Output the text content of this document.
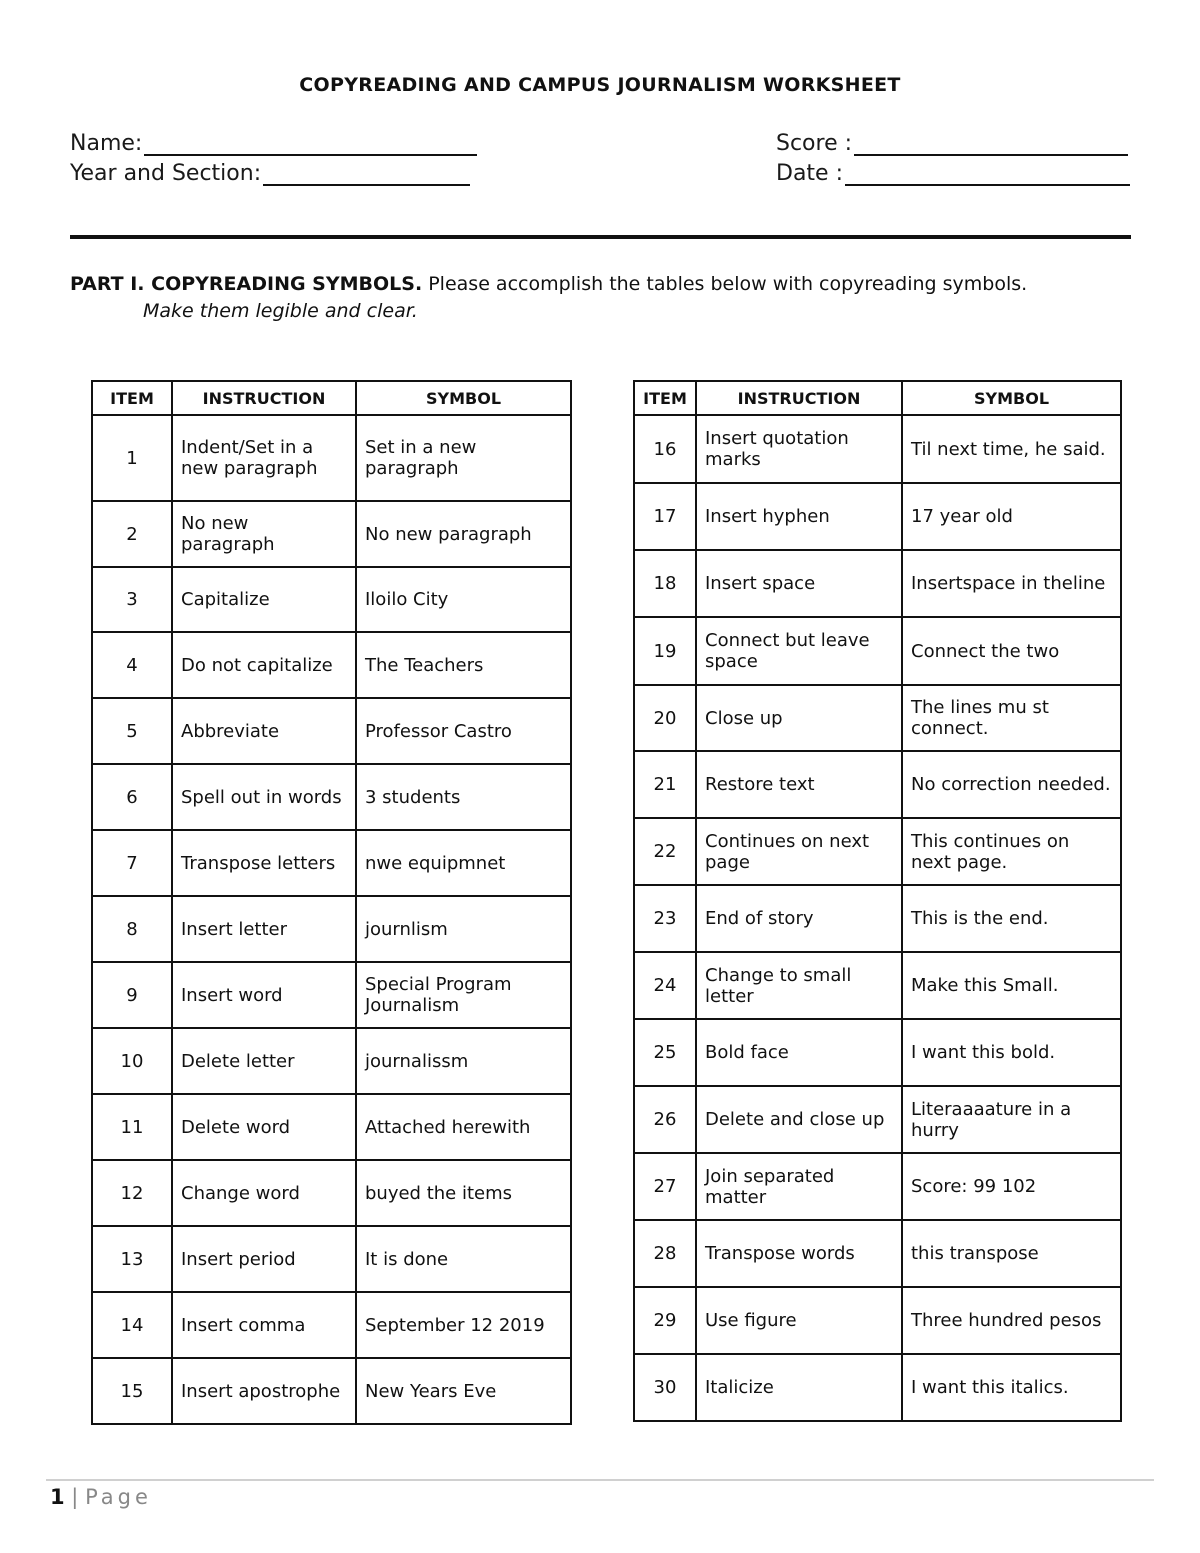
COPYREADING AND CAMPUS JOURNALISM WORKSHEET
Name:
Year and Section:
Score :
Date :
PART I. COPYREADING SYMBOLS. Please accomplish the tables below with copyreading symbols.
Make them legible and clear.
ITEM	INSTRUCTION	SYMBOL
1	Indent/Set in a new paragraph	Set in a new paragraph
2	No new paragraph	No new paragraph
3	Capitalize	Iloilo City
4	Do not capitalize	The Teachers
5	Abbreviate	Professor Castro
6	Spell out in words	3 students
7	Transpose letters	nwe equipmnet
8	Insert letter	journlism
9	Insert word	Special Program Journalism
10	Delete letter	journalissm
11	Delete word	Attached herewith
12	Change word	buyed the items
13	Insert period	It is done
14	Insert comma	September 12 2019
15	Insert apostrophe	New Years Eve
ITEM	INSTRUCTION	SYMBOL
16	Insert quotation marks	Til next time, he said.
17	Insert hyphen	17 year old
18	Insert space	Insertspace in theline
19	Connect but leave space	Connect the two
20	Close up	The lines mu st connect.
21	Restore text	No correction needed.
22	Continues on next page	This continues on next page.
23	End of story	This is the end.
24	Change to small letter	Make this Small.
25	Bold face	I want this bold.
26	Delete and close up	Literaaaature in a hurry
27	Join separated matter	Score: 99 102
28	Transpose words	this transpose
29	Use figure	Three hundred pesos
30	Italicize	I want this italics.
1 | Page
